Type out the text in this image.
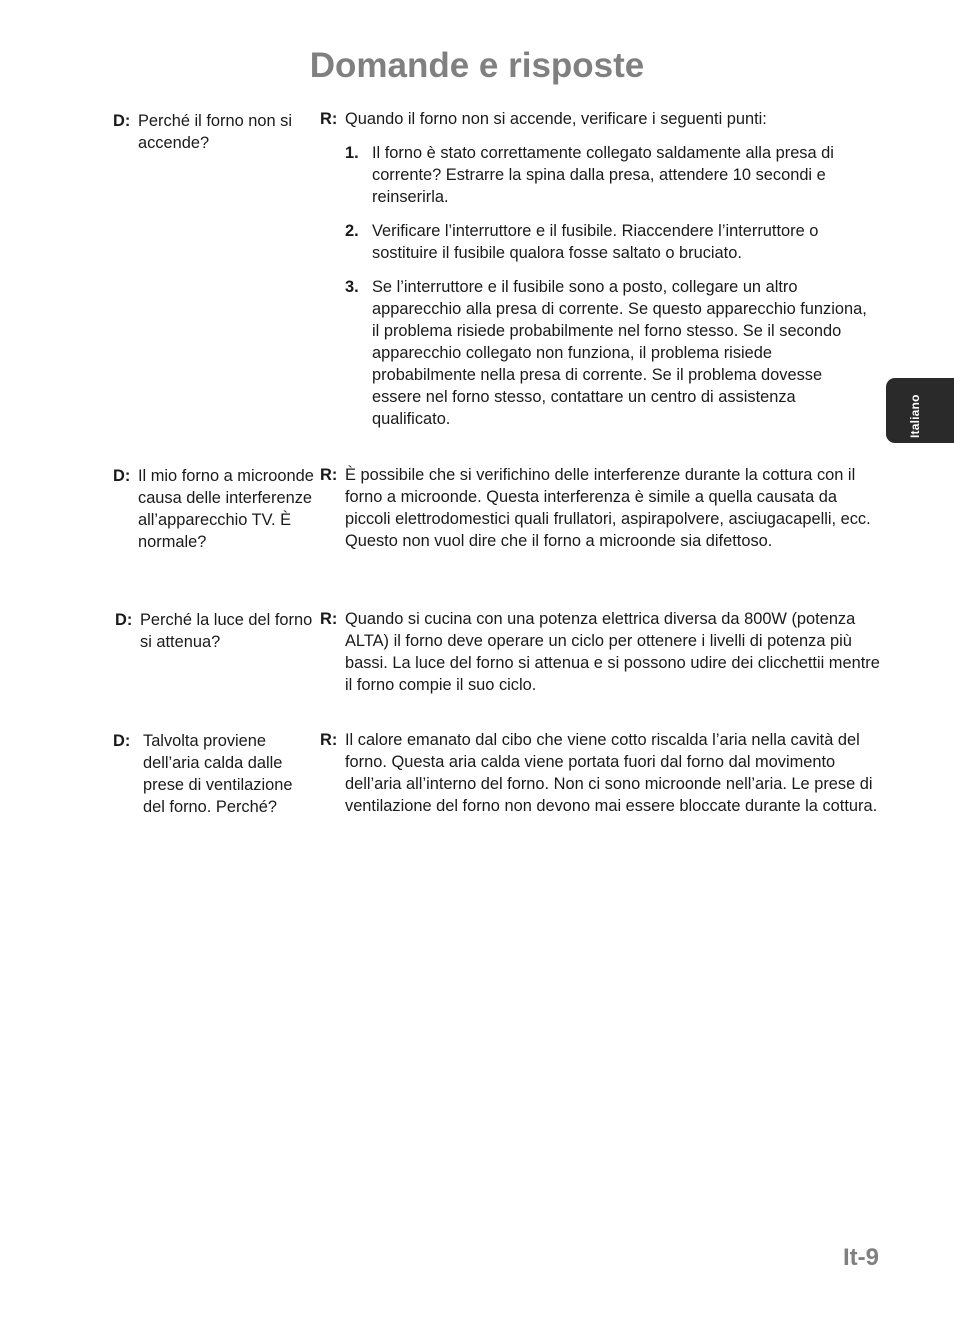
Domande e risposte
Italiano
D: Perché il forno non si accende?
R: Quando il forno non si accende, verificare i seguenti punti:
1. Il forno è stato correttamente collegato saldamente alla presa di corrente? Estrarre la spina dalla presa, attendere 10 secondi e reinserirla.
2. Verificare l’interruttore e il fusibile. Riaccendere l’interruttore o sostituire il fusibile qualora fosse saltato o bruciato.
3. Se l’interruttore e il fusibile sono a posto, collegare un altro apparecchio alla presa di corrente. Se questo apparecchio funziona, il problema risiede probabilmente nel forno stesso. Se il secondo apparecchio collegato non funziona, il problema risiede probabilmente nella presa di corrente. Se il problema dovesse essere nel forno stesso, contattare un centro di assistenza qualificato.
D: Il mio forno a microonde causa delle interferenze all’apparecchio TV. È normale?
R: È possibile che si verifichino delle interferenze durante la cottura con il forno a microonde. Questa interferenza è simile a quella causata da piccoli elettrodomestici quali frullatori, aspirapolvere, asciugacapelli, ecc. Questo non vuol dire che il forno a microonde sia difettoso.
D: Perché la luce del forno si attenua?
R: Quando si cucina con una potenza elettrica diversa da 800W (potenza ALTA) il forno deve operare un ciclo per ottenere i livelli di potenza più bassi. La luce del forno si attenua e si possono udire dei clicchettii mentre il forno compie il suo ciclo.
D: Talvolta proviene dell’aria calda dalle prese di ventilazione del forno. Perché?
R: Il calore emanato dal cibo che viene cotto riscalda l’aria nella cavità del forno. Questa aria calda viene portata fuori dal forno dal movimento dell’aria all’interno del forno. Non ci sono microonde nell’aria. Le prese di ventilazione del forno non devono mai essere bloccate durante la cottura.
It-9
